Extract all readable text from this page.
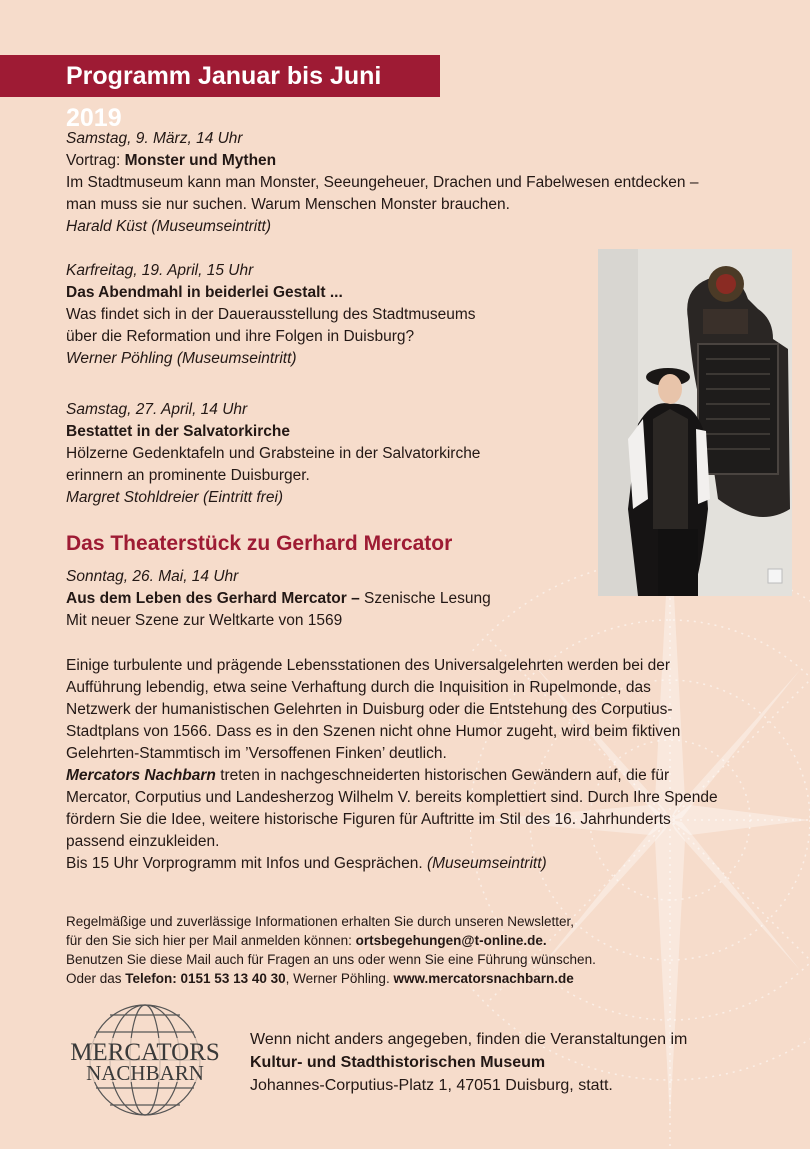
Programm Januar bis Juni 2019
Samstag, 9. März, 14 Uhr
Vortrag: Monster und Mythen
Im Stadtmuseum kann man Monster, Seeungeheuer, Drachen und Fabelwesen entdecken –
man muss sie nur suchen. Warum Menschen Monster brauchen.
Harald Küst (Museumseintritt)
Karfreitag, 19. April, 15 Uhr
Das Abendmahl in beiderlei Gestalt ...
Was findet sich in der Dauerausstellung des Stadtmuseums
über die Reformation und ihre Folgen in Duisburg?
Werner Pöhling (Museumseintritt)
Samstag, 27. April, 14 Uhr
Bestattet in der Salvatorkirche
Hölzerne Gedenktafeln und Grabsteine in der Salvatorkirche
erinnern an prominente Duisburger.
Margret Stohldreier (Eintritt frei)
Das Theaterstück zu Gerhard Mercator
Sonntag, 26. Mai, 14 Uhr
Aus dem Leben des Gerhard Mercator – Szenische Lesung
Mit neuer Szene zur Weltkarte von 1569
Einige turbulente und prägende Lebensstationen des Universalgelehrten werden bei der
Aufführung lebendig, etwa seine Verhaftung durch die Inquisition in Rupelmonde, das
Netzwerk der humanistischen Gelehrten in Duisburg oder die Entstehung des Corputius-
Stadtplans von 1566. Dass es in den Szenen nicht ohne Humor zugeht, wird beim fiktiven
Gelehrten-Stammtisch im ’Versoffenen Finken’ deutlich.
Mercators Nachbarn treten in nachgeschneiderten historischen Gewändern auf, die für
Mercator, Corputius und Landesherzog Wilhelm V. bereits komplettiert sind. Durch Ihre Spende
fördern Sie die Idee, weitere historische Figuren für Auftritte im Stil des 16. Jahrhunderts
passend einzukleiden.
Bis 15 Uhr Vorprogramm mit Infos und Gesprächen. (Museumseintritt)
Regelmäßige und zuverlässige Informationen erhalten Sie durch unseren Newsletter,
für den Sie sich hier per Mail anmelden können: ortsbegehungen@t-online.de.
Benutzen Sie diese Mail auch für Fragen an uns oder wenn Sie eine Führung wünschen.
Oder das Telefon: 0151 53 13 40 30, Werner Pöhling. www.mercatorsnachbarn.de
MERCATORS
NACHBARN
Wenn nicht anders angegeben, finden die Veranstaltungen im
Kultur- und Stadthistorischen Museum
Johannes-Corputius-Platz 1, 47051 Duisburg, statt.
